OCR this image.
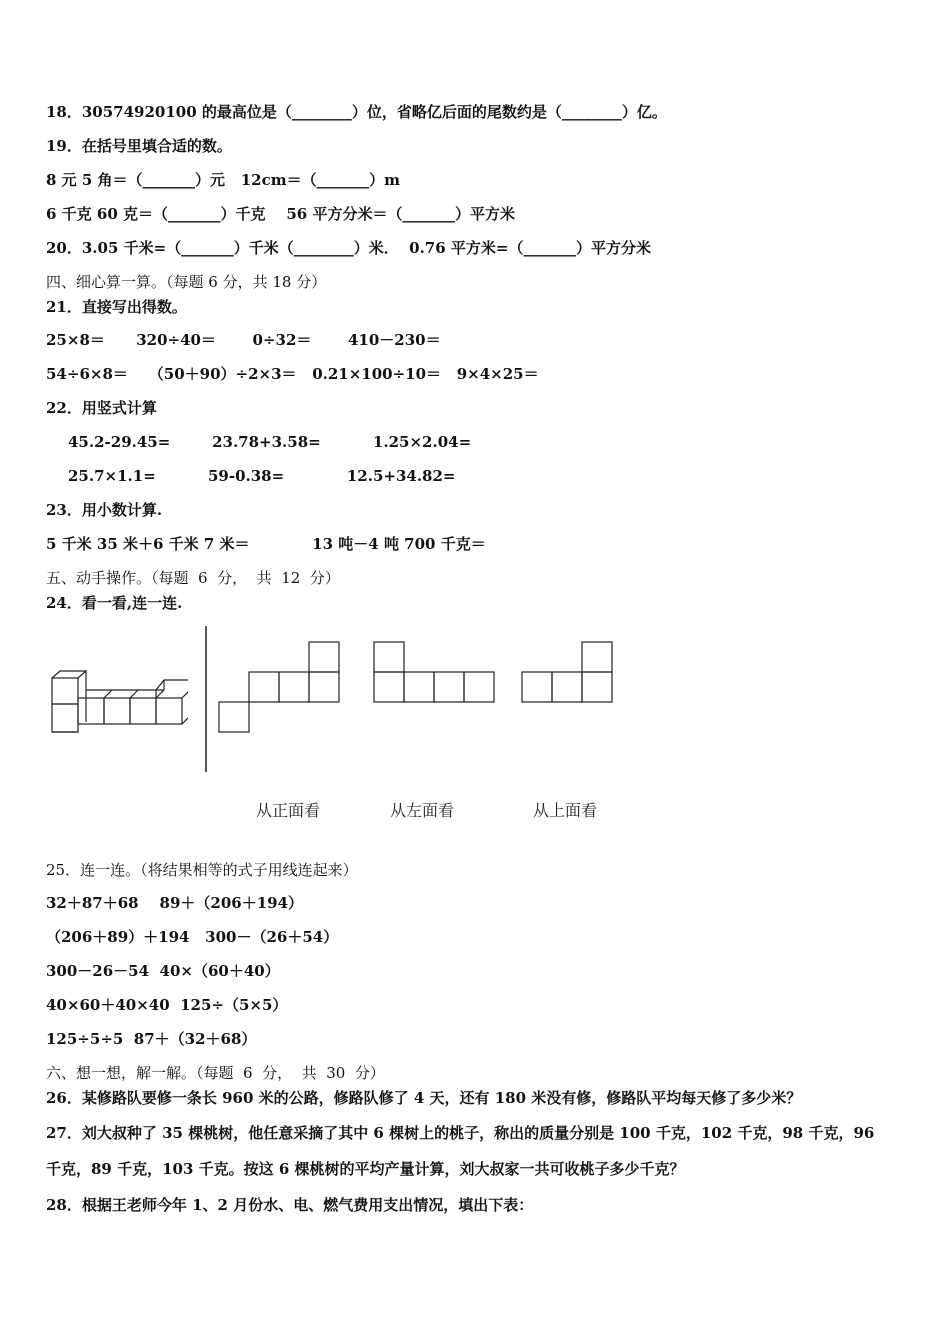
18．30574920100 的最高位是（________）位，省略亿后面的尾数约是（________）亿。
19．在括号里填合适的数。
8 元 5 角＝（_______）元   12cm＝（_______）m
6 千克 60 克＝（_______）千克    56 平方分米＝（_______）平方米
20．3.05 千米=（_______）千米（________）米．  0.76 平方米=（_______）平方分米
四、细心算一算。（每题 6 分，共 18 分）
21．直接写出得数。
25×8＝      320÷40＝       0÷32＝       410－230＝
54÷6×8＝    （50＋90）÷2×3＝   0.21×100÷10＝   9×4×25＝
22．用竖式计算
45.2-29.45=        23.78+3.58=          1.25×2.04=
25.7×1.1=          59-0.38=            12.5+34.82=
23．用小数计算.
5 千米 35 米＋6 千米 7 米＝            13 吨－4 吨 700 千克＝
五、动手操作。（每题  6  分，  共  12  分）
24．看一看,连一连.
从正面看	从左面看	从上面看
25．连一连。（将结果相等的式子用线连起来）
32＋87＋68    89＋（206＋194）
（206＋89）＋194   300－（26＋54）
300－26－54  40×（60＋40）
40×60＋40×40  125÷（5×5）
125÷5÷5  87＋（32＋68）
六、想一想，解一解。（每题  6  分，  共  30  分）
26．某修路队要修一条长 960 米的公路，修路队修了 4 天，还有 180 米没有修，修路队平均每天修了多少米？
27．刘大叔种了 35 棵桃树，他任意采摘了其中 6 棵树上的桃子，称出的质量分别是 100 千克，102 千克，98 千克，96
千克，89 千克，103 千克。按这 6 棵桃树的平均产量计算，刘大叔家一共可收桃子多少千克？
28．根据王老师今年 1、2 月份水、电、燃气费用支出情况，填出下表：
